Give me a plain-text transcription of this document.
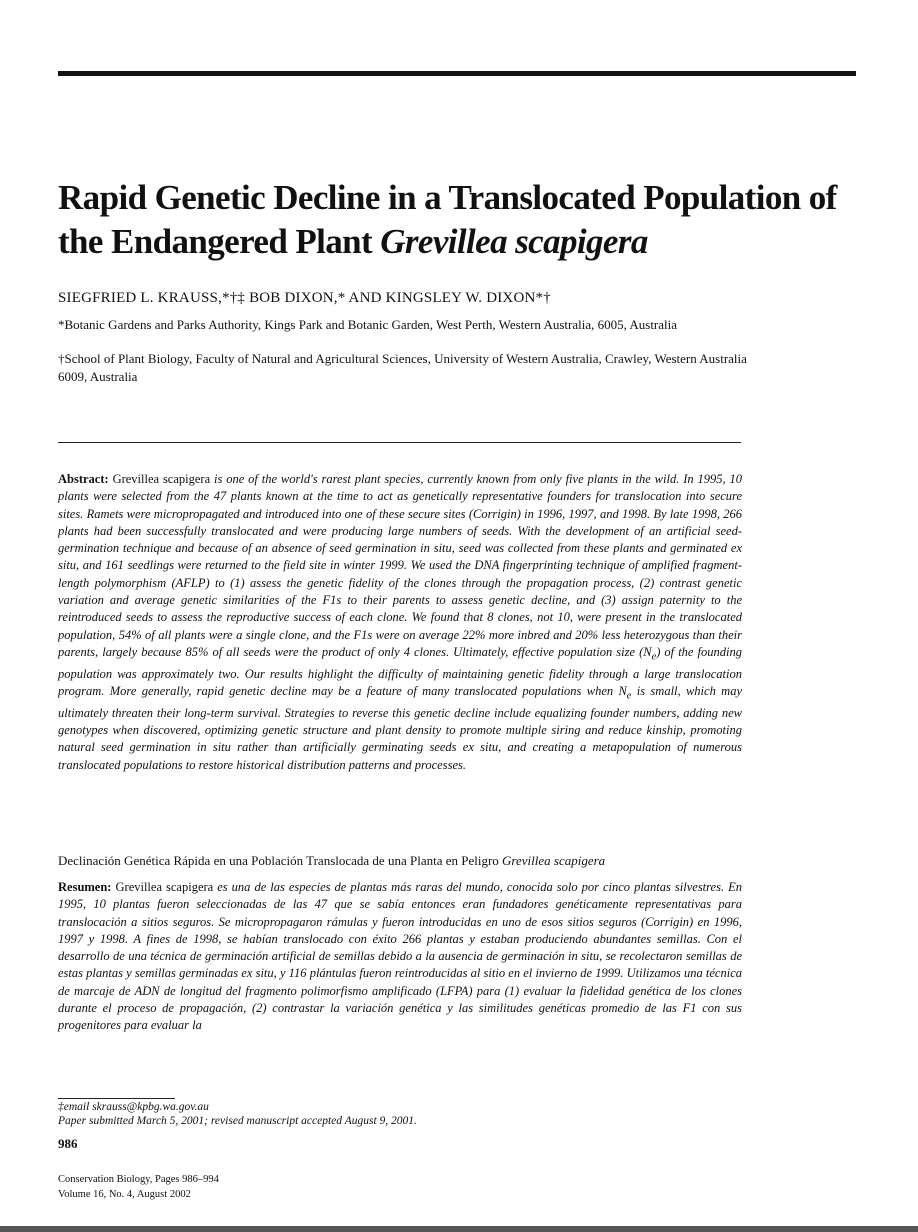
Rapid Genetic Decline in a Translocated Population of the Endangered Plant Grevillea scapigera
SIEGFRIED L. KRAUSS,*†‡ BOB DIXON,* AND KINGSLEY W. DIXON*†
*Botanic Gardens and Parks Authority, Kings Park and Botanic Garden, West Perth, Western Australia, 6005, Australia
†School of Plant Biology, Faculty of Natural and Agricultural Sciences, University of Western Australia, Crawley, Western Australia 6009, Australia
Abstract: Grevillea scapigera is one of the world's rarest plant species, currently known from only five plants in the wild. In 1995, 10 plants were selected from the 47 plants known at the time to act as genetically representative founders for translocation into secure sites. Ramets were micropropagated and introduced into one of these secure sites (Corrigin) in 1996, 1997, and 1998. By late 1998, 266 plants had been successfully translocated and were producing large numbers of seeds. With the development of an artificial seed-germination technique and because of an absence of seed germination in situ, seed was collected from these plants and germinated ex situ, and 161 seedlings were returned to the field site in winter 1999. We used the DNA fingerprinting technique of amplified fragment-length polymorphism (AFLP) to (1) assess the genetic fidelity of the clones through the propagation process, (2) contrast genetic variation and average genetic similarities of the F1s to their parents to assess genetic decline, and (3) assign paternity to the reintroduced seeds to assess the reproductive success of each clone. We found that 8 clones, not 10, were present in the translocated population, 54% of all plants were a single clone, and the F1s were on average 22% more inbred and 20% less heterozygous than their parents, largely because 85% of all seeds were the product of only 4 clones. Ultimately, effective population size $(N_e)$ of the founding population was approximately two. Our results highlight the difficulty of maintaining genetic fidelity through a large translocation program. More generally, rapid genetic decline may be a feature of many translocated populations when $N_e$ is small, which may ultimately threaten their long-term survival. Strategies to reverse this genetic decline include equalizing founder numbers, adding new genotypes when discovered, optimizing genetic structure and plant density to promote multiple siring and reduce kinship, promoting natural seed germination in situ rather than artificially germinating seeds ex situ, and creating a metapopulation of numerous translocated populations to restore historical distribution patterns and processes.
Declinación Genética Rápida en una Población Translocada de una Planta en Peligro Grevillea scapigera
Resumen: Grevillea scapigera es una de las especies de plantas más raras del mundo, conocida solo por cinco plantas silvestres. En 1995, 10 plantas fueron seleccionadas de las 47 que se sabía entonces eran fundadores genéticamente representativas para translocación a sitios seguros. Se micropropagaron rámulas y fueron introducidas en uno de esos sitios seguros (Corrigin) en 1996, 1997 y 1998. A fines de 1998, se habían translocado con éxito 266 plantas y estaban produciendo abundantes semillas. Con el desarrollo de una técnica de germinación artificial de semillas debido a la ausencia de germinación in situ, se recolectaron semillas de estas plantas y semillas germinadas ex situ, y 116 plántulas fueron reintroducidas al sitio en el invierno de 1999. Utilizamos una técnica de marcaje de ADN de longitud del fragmento polimorfismo amplificado (LFPA) para (1) evaluar la fidelidad genética de los clones durante el proceso de propagación, (2) contrastar la variación genética y las similitudes genéticas promedio de las F1 con sus progenitores para evaluar la
‡email skrauss@kpbg.wa.gov.au
Paper submitted March 5, 2001; revised manuscript accepted August 9, 2001.
986
Conservation Biology, Pages 986–994
Volume 16, No. 4, August 2002
